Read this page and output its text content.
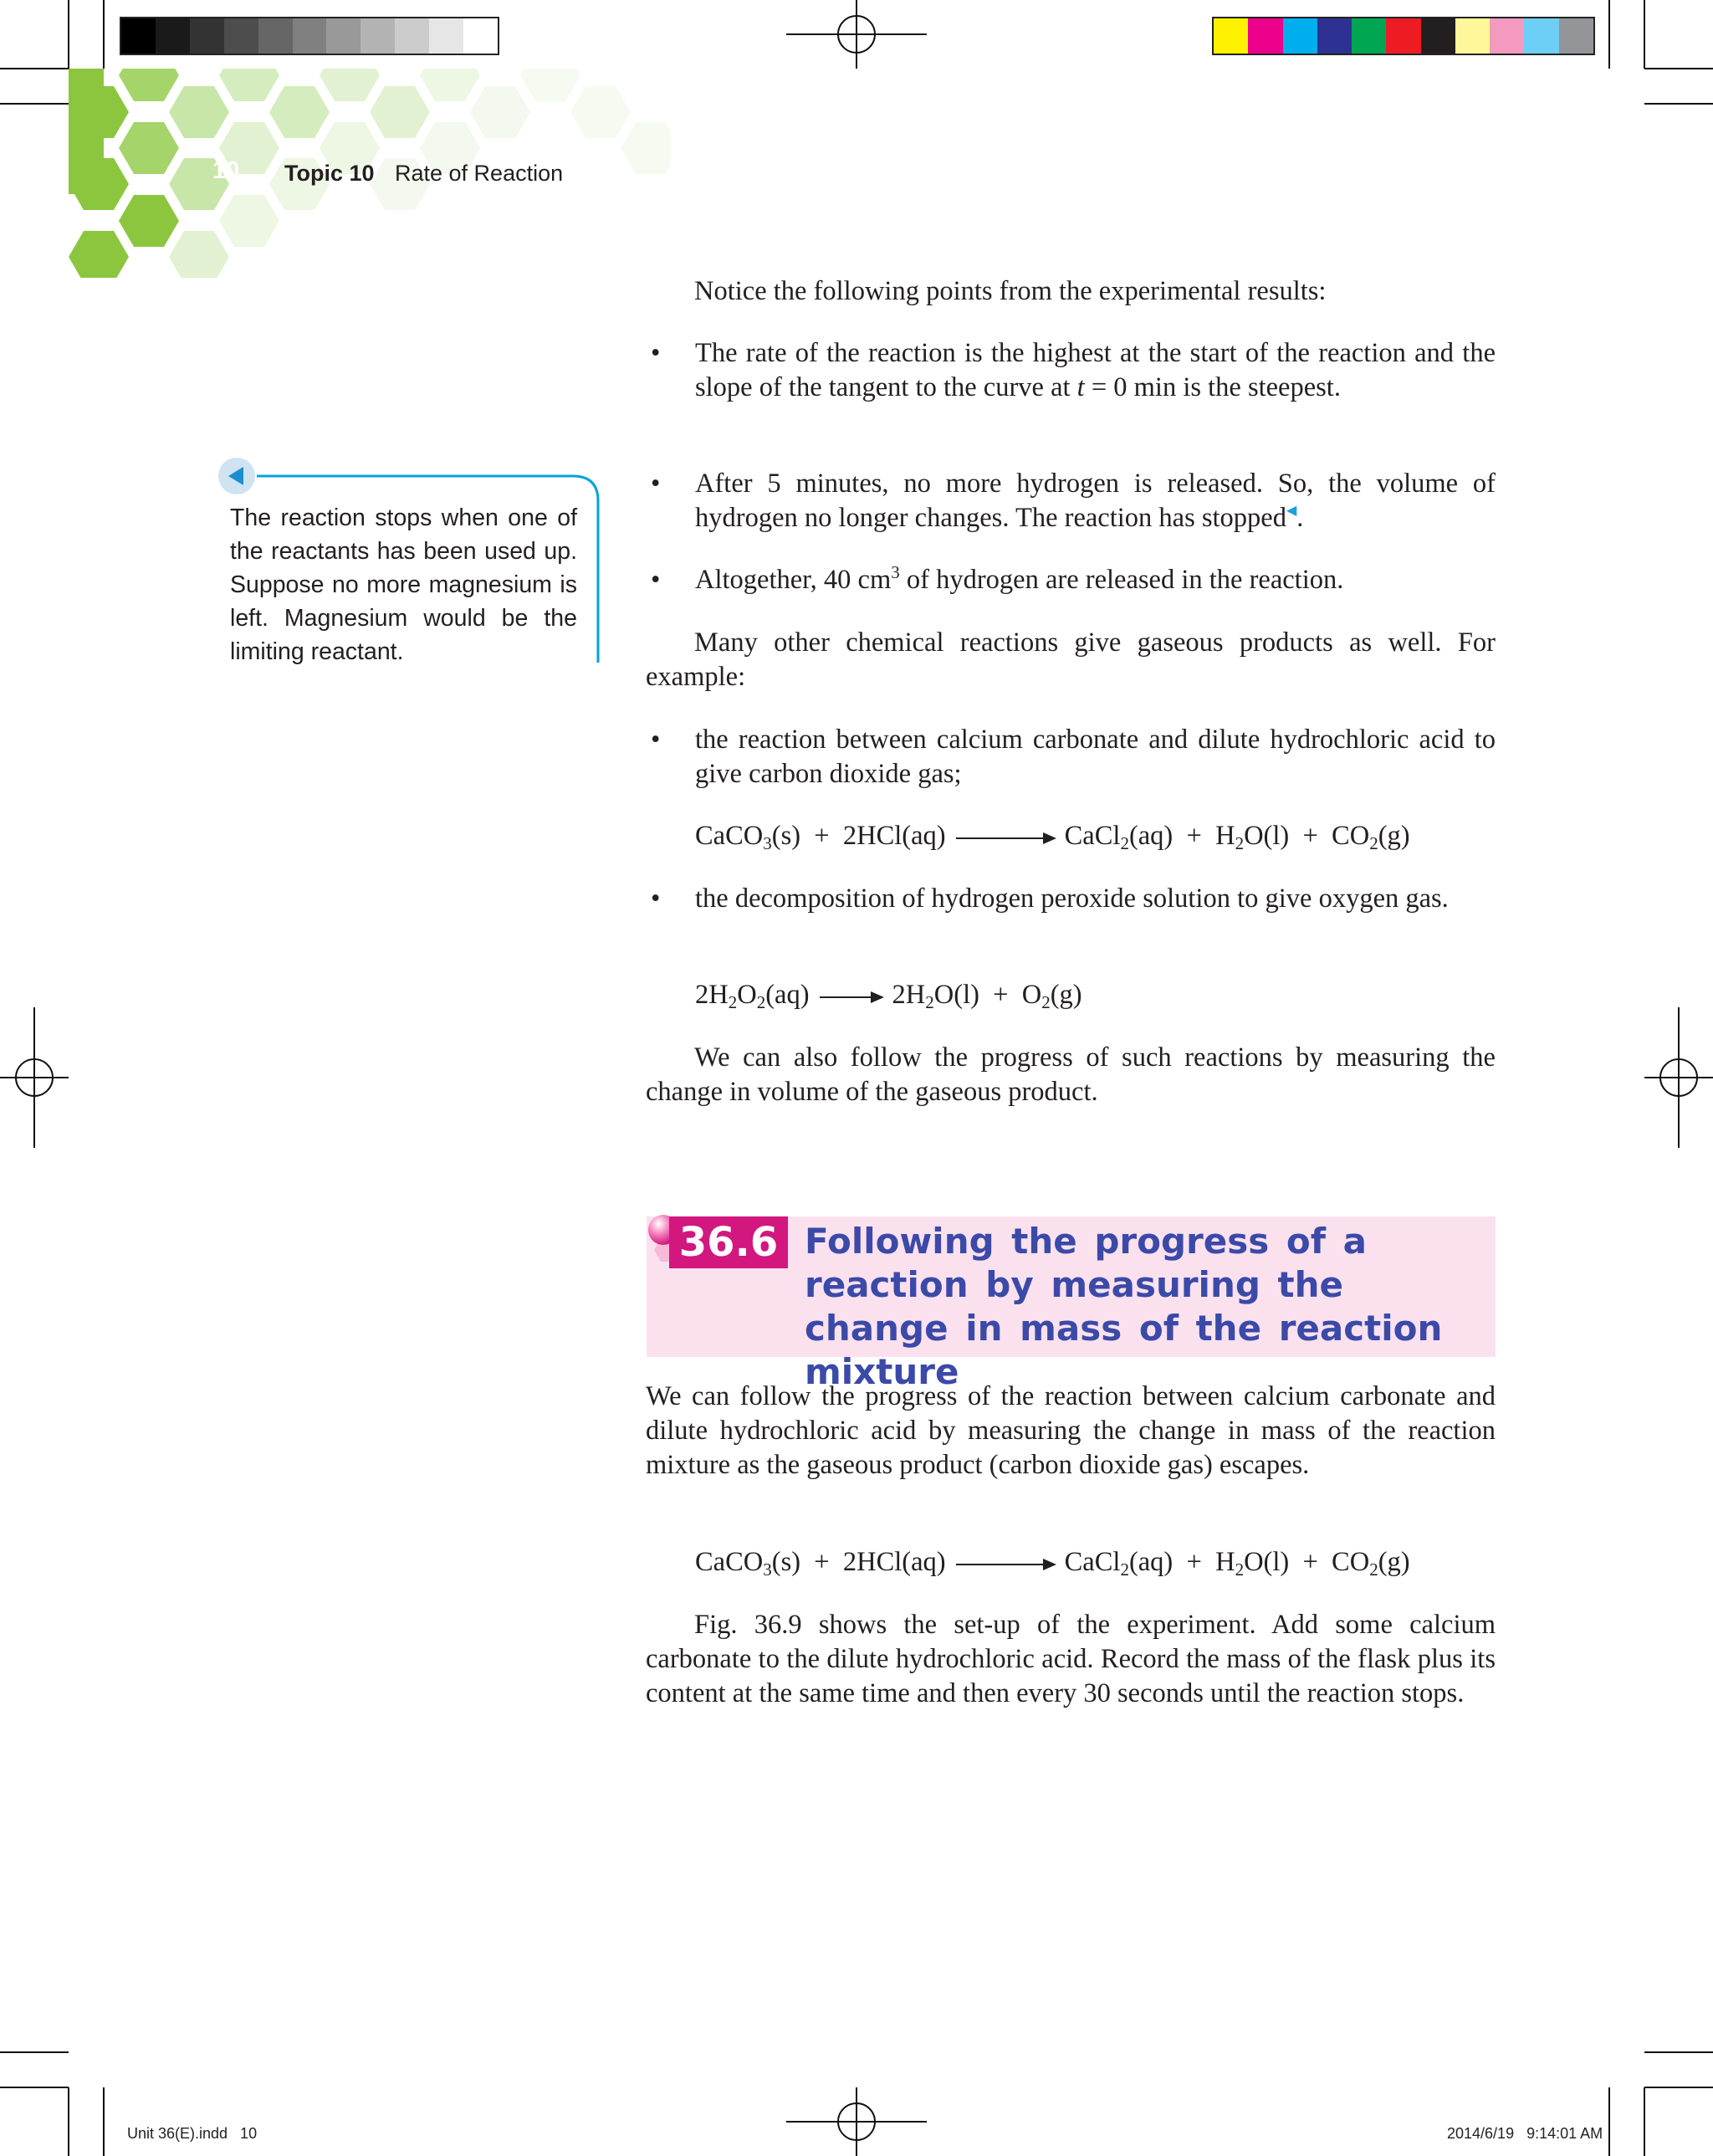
10 Topic 10 Rate of Reaction
The reaction stops when one of the reactants has been used up. Suppose no more magnesium is left. Magnesium would be the limiting reactant.
Notice the following points from the experimental results:
• The rate of the reaction is the highest at the start of the reaction and the slope of the tangent to the curve at t = 0 min is the steepest.
• After 5 minutes, no more hydrogen is released. So, the volume of hydrogen no longer changes. The reaction has stopped◀.
• Altogether, 40 $cm^3$ of hydrogen are released in the reaction.
Many other chemical reactions give gaseous products as well. For example:
• the reaction between calcium carbonate and dilute hydrochloric acid to give carbon dioxide gas;
CaCO$_3$(s)  +  2HCl(aq) → CaCl$_2$(aq)  +  $H_2O(l) + CO_2(g)$
• the decomposition of hydrogen peroxide solution to give oxygen gas.
$2H_2O_2(aq) \to 2H_2O(l) + O_2(g)$
We can also follow the progress of such reactions by measuring the change in volume of the gaseous product.
36.6 Following the progress of a reaction by measuring the change in mass of the reaction mixture
We can follow the progress of the reaction between calcium carbonate and dilute hydrochloric acid by measuring the change in mass of the reaction mixture as the gaseous product (carbon dioxide gas) escapes.
CaCO$_3$(s)  +  2HCl(aq) → CaCl$_2$(aq)  +  $H_2O(l) + CO_2(g)$
Fig. 36.9 shows the set-up of the experiment. Add some calcium carbonate to the dilute hydrochloric acid. Record the mass of the flask plus its content at the same time and then every 30 seconds until the reaction stops.
Unit 36(E).indd   10	2014/6/19   9:14:01 AM
